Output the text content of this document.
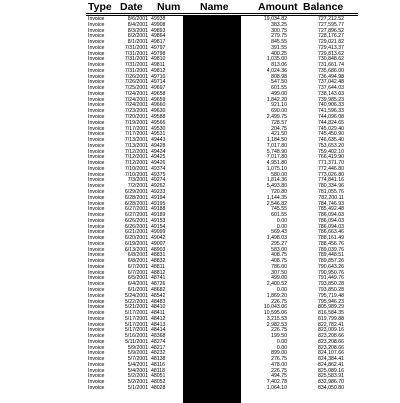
Type Date Num Name	Amount Balance
Invoice	8/6/2001 49938	19,034.82	727,212.52
Invoice	8/4/2001 49908	383.25	727,595.77
Invoice	8/3/2001 49893	300.75	727,896.52
Invoice	8/2/2001 49864	279.75	728,176.27
Invoice	8/1/2001 49817	845.55	729,021.82
Invoice	7/31/2001 49797	391.55	729,413.37
Invoice	7/31/2001 49798	400.25	729,813.62
Invoice	7/31/2001 49810	1,035.00	730,848.62
Invoice	7/31/2001 49811	813.06	731,661.74
Invoice	7/31/2001 49812	4,024.36	735,686.00
Invoice	7/26/2001 49710	808.98	736,494.98
Invoice	7/26/2001 49714	547.50	737,042.48
Invoice	7/25/2001 49697	601.55	737,644.03
Invoice	7/24/2001 49658	499.00	738,143.03
Invoice	7/24/2001 49659	1,842.20	739,985.23
Invoice	7/24/2001 49660	921.10	740,906.33
Invoice	7/23/2001 49630	690.00	741,596.33
Invoice	7/20/2001 49588	2,499.75	744,096.08
Invoice	7/19/2001 49566	728.57	744,824.65
Invoice	7/17/2001 49530	204.75	745,029.40
Invoice	7/17/2001 49531	421.50	745,450.90
Invoice	7/13/2001 49443	1,184.50	746,635.40
Invoice	7/13/2001 49428	7,017.80	753,653.20
Invoice	7/12/2001 49424	5,748.90	759,402.10
Invoice	7/12/2001 49425	7,017.80	766,419.90
Invoice	7/12/2001 49426	4,951.80	771,371.70
Invoice	7/10/2001 49374	1,075.10	772,446.80
Invoice	7/10/2001 49375	580.00	773,026.80
Invoice	7/3/2001 49274	1,814.36	774,841.16
Invoice	7/2/2001 49262	5,493.80	780,334.96
Invoice	6/29/2001 49233	720.80	781,055.76
Invoice	6/28/2001 49194	1,144.35	782,200.11
Invoice	6/28/2001 49195	2,546.82	784,746.93
Invoice	6/27/2001 49188	745.55	785,492.48
Invoice	6/27/2001 49189	601.55	786,094.03
Invoice	6/26/2001 49153	0.00	786,094.03
Invoice	6/26/2001 49154	0.00	786,094.03
Invoice	6/21/2001 49099	569.43	786,663.46
Invoice	6/20/2001 49042	1,498.03	788,161.49
Invoice	6/19/2001 49007	295.27	788,456.76
Invoice	6/13/2001 48903	583.00	789,039.76
Invoice	6/8/2001 48831	408.75	789,448.51
Invoice	6/8/2001 48832	408.75	789,857.26
Invoice	6/7/2001 48811	786.00	790,643.26
Invoice	6/7/2001 48812	307.50	790,950.76
Invoice	6/5/2001 48741	499.00	791,449.76
Invoice	6/4/2001 48726	2,400.52	793,850.28
Invoice	6/1/2001 48682	0.00	793,850.28
Invoice	5/24/2001 48542	1,869.20	795,719.48
Invoice	5/22/2001 48483	226.75	795,946.23
Invoice	5/21/2001 48410	10,043.06	805,989.29
Invoice	5/17/2001 48411	10,595.06	816,584.35
Invoice	5/17/2001 48412	3,215.53	819,799.88
Invoice	5/17/2001 48413	2,982.53	822,782.41
Invoice	5/17/2001 48414	226.75	823,009.16
Invoice	5/16/2001 48368	199.50	823,208.66
Invoice	5/11/2001 48274	0.00	823,208.66
Invoice	5/9/2001 48217	0.00	823,208.66
Invoice	5/9/2001 48232	899.00	824,107.66
Invoice	5/7/2001 48138	276.75	824,384.41
Invoice	5/4/2001 48116	478.00	824,862.41
Invoice	5/4/2001 48118	226.75	825,089.16
Invoice	5/2/2001 48051	494.75	825,583.91
Invoice	5/2/2001 48052	7,402.78	832,986.70
Invoice	5/1/2001 48028	1,064.10	834,050.80
